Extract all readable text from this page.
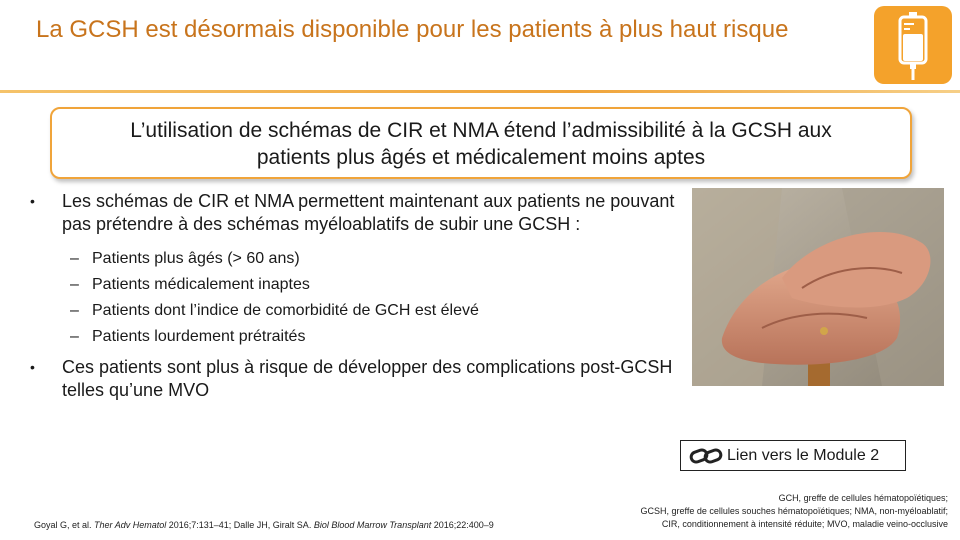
La GCSH est désormais disponible pour les patients à plus haut risque
L’utilisation de schémas de CIR et NMA étend l’admissibilité à la GCSH aux
patients plus âgés et médicalement moins aptes
• Les schémas de CIR et NMA permettent maintenant aux patients ne pouvant pas prétendre à des schémas myéloablatifs de subir une GCSH :
– Patients plus âgés (> 60 ans)
– Patients médicalement inaptes
– Patients dont l’indice de comorbidité de GCH est élevé
– Patients lourdement prétraités
• Ces patients sont plus à risque de développer des complications post-GCSH telles qu’une MVO
Lien vers le Module 2
Goyal G, et al. Ther Adv Hematol 2016;7:131–41; Dalle JH, Giralt SA. Biol Blood Marrow Transplant 2016;22:400–9
GCH, greffe de cellules hématopoïétiques;
GCSH, greffe de cellules souches hématopoïétiques; NMA, non-myéloablatif;
CIR, conditionnement à intensité réduite; MVO, maladie veino-occlusive
